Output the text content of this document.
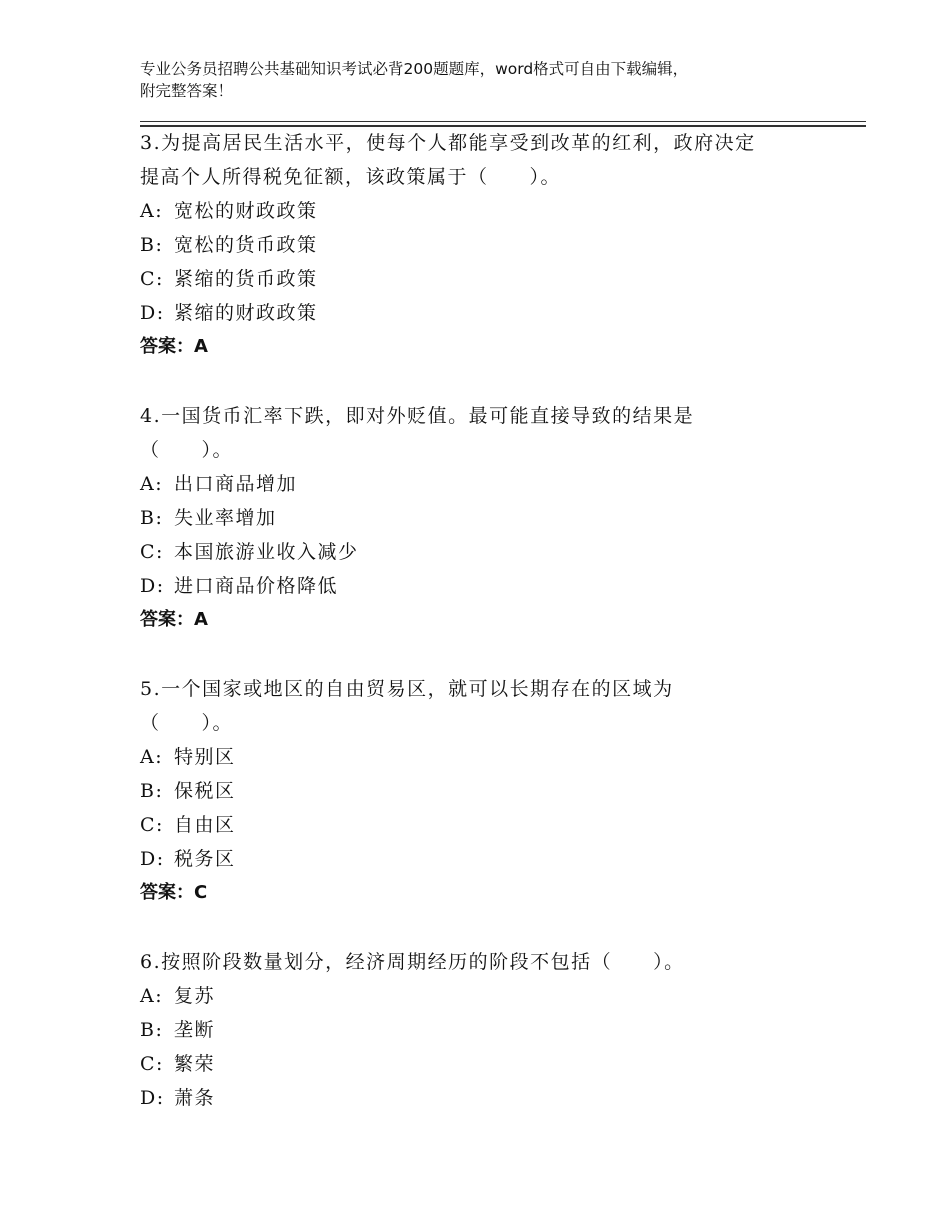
专业公务员招聘公共基础知识考试必背200题题库，word格式可自由下载编辑，
附完整答案！

3.为提高居民生活水平，使每个人都能享受到改革的红利，政府决定

提高个人所得税免征额，该政策属于（　　）。

A: 宽松的财政政策

B: 宽松的货币政策

C: 紧缩的货币政策

D: 紧缩的财政政策

答案：A

4.一国货币汇率下跌，即对外贬值。最可能直接导致的结果是

（　　）。

A: 出口商品增加

B: 失业率增加

C: 本国旅游业收入减少

D: 进口商品价格降低

答案：A

5.一个国家或地区的自由贸易区，就可以长期存在的区域为

（　　）。

A: 特别区

B: 保税区

C: 自由区

D: 税务区

答案：C

6.按照阶段数量划分，经济周期经历的阶段不包括（　　）。

A: 复苏

B: 垄断

C: 繁荣

D: 萧条
